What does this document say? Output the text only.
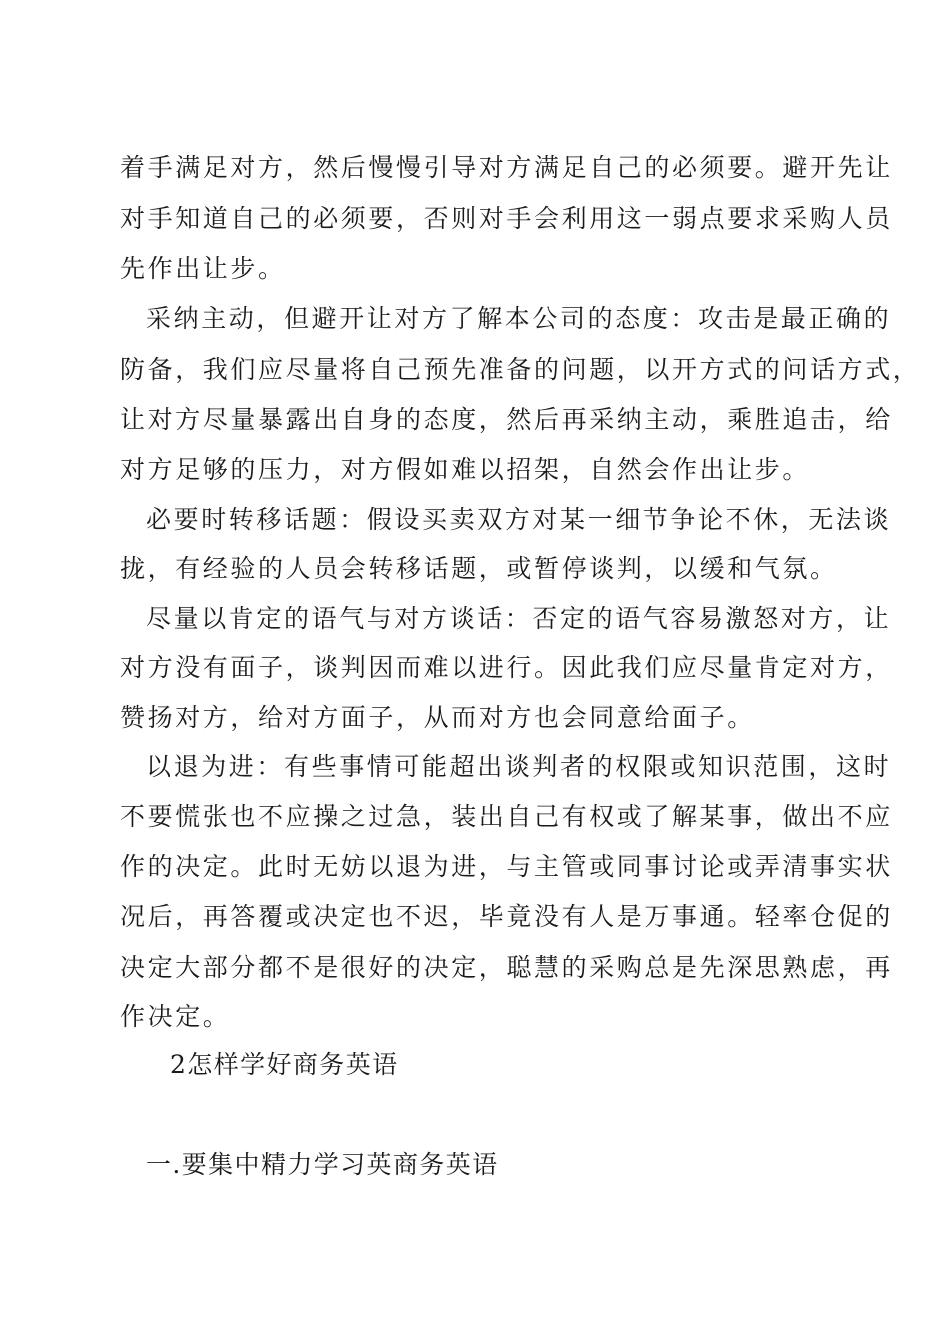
着手满足对方，然后慢慢引导对方满足自己的必须要。避开先让
对手知道自己的必须要，否则对手会利用这一弱点要求采购人员
先作出让步。
采纳主动，但避开让对方了解本公司的态度：攻击是最正确的
防备，我们应尽量将自己预先准备的问题，以开方式的问话方式，
让对方尽量暴露出自身的态度，然后再采纳主动，乘胜追击，给
对方足够的压力，对方假如难以招架，自然会作出让步。
必要时转移话题：假设买卖双方对某一细节争论不休，无法谈
拢，有经验的人员会转移话题，或暂停谈判，以缓和气氛。
尽量以肯定的语气与对方谈话：否定的语气容易激怒对方，让
对方没有面子，谈判因而难以进行。因此我们应尽量肯定对方，
赞扬对方，给对方面子，从而对方也会同意给面子。
以退为进：有些事情可能超出谈判者的权限或知识范围，这时
不要慌张也不应操之过急，装出自己有权或了解某事，做出不应
作的决定。此时无妨以退为进，与主管或同事讨论或弄清事实状
况后，再答覆或决定也不迟，毕竟没有人是万事通。轻率仓促的
决定大部分都不是很好的决定，聪慧的采购总是先深思熟虑，再
作决定。
2怎样学好商务英语
一.要集中精力学习英商务英语
